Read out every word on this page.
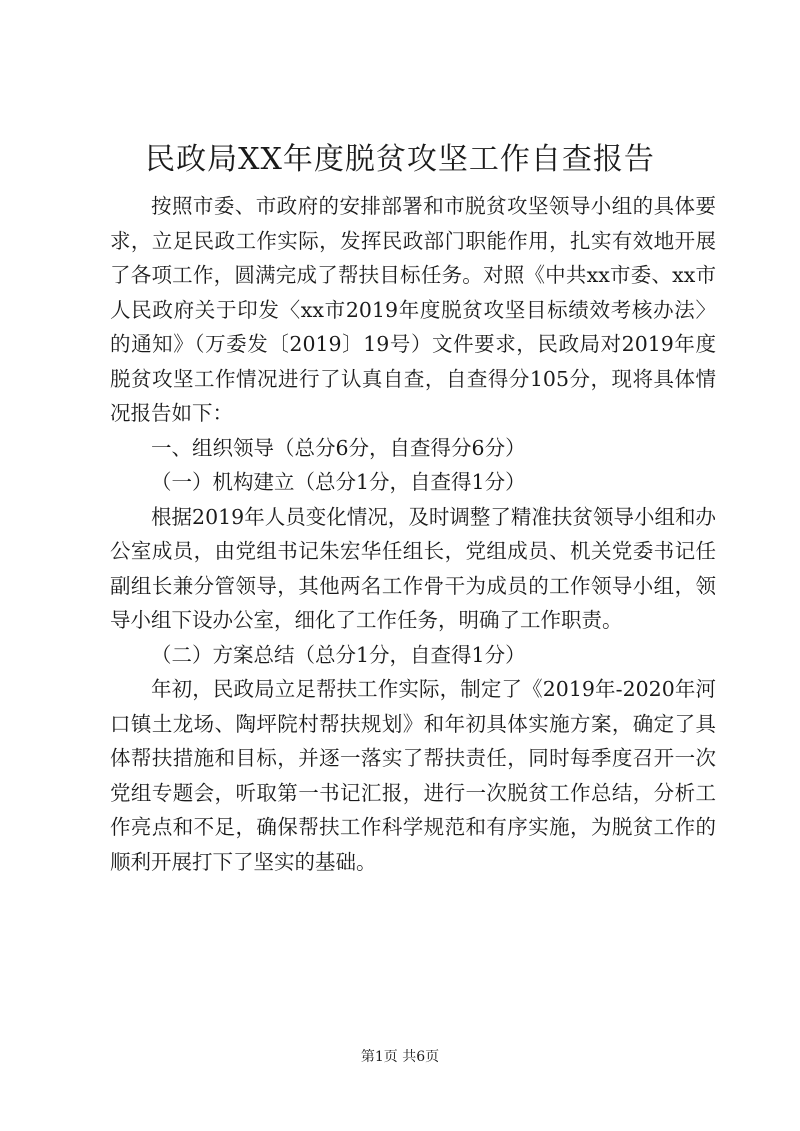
民政局XX年度脱贫攻坚工作自查报告

按照市委、市政府的安排部署和市脱贫攻坚领导小组的具体要求，立足民政工作实际，发挥民政部门职能作用，扎实有效地开展了各项工作，圆满完成了帮扶目标任务。对照《中共xx市委、xx市人民政府关于印发〈xx市2019年度脱贫攻坚目标绩效考核办法〉的通知》（万委发〔2019〕19号）文件要求，民政局对2019年度脱贫攻坚工作情况进行了认真自查，自查得分105分，现将具体情况报告如下：

一、组织领导（总分6分，自查得分6分）

（一）机构建立（总分1分，自查得1分）

根据2019年人员变化情况，及时调整了精准扶贫领导小组和办公室成员，由党组书记朱宏华任组长，党组成员、机关党委书记任副组长兼分管领导，其他两名工作骨干为成员的工作领导小组，领导小组下设办公室，细化了工作任务，明确了工作职责。

（二）方案总结（总分1分，自查得1分）

年初，民政局立足帮扶工作实际，制定了《2019年-2020年河口镇土龙场、陶坪院村帮扶规划》和年初具体实施方案，确定了具体帮扶措施和目标，并逐一落实了帮扶责任，同时每季度召开一次党组专题会，听取第一书记汇报，进行一次脱贫工作总结，分析工作亮点和不足，确保帮扶工作科学规范和有序实施，为脱贫工作的顺利开展打下了坚实的基础。

第1页 共6页
